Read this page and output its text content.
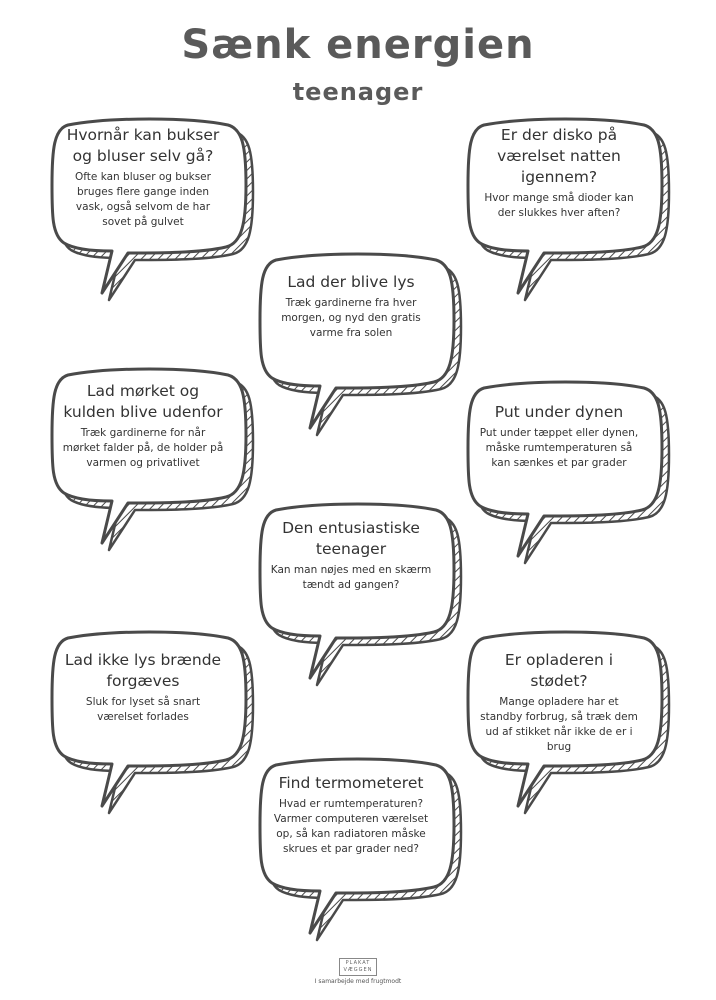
Sænk energien
teenager
Hvornår kan bukser og bluser selv gå?
Ofte kan bluser og bukser bruges flere gange inden vask, også selvom de har sovet på gulvet
Er der disko på værelset natten igennem?
Hvor mange små dioder kan der slukkes hver aften?
Lad der blive lys
Træk gardinerne fra hver morgen, og nyd den gratis varme fra solen
Lad mørket og kulden blive udenfor
Træk gardinerne for når mørket falder på, de holder på varmen og privatlivet
Put under dynen
Put under tæppet eller dynen, måske rumtemperaturen så kan sænkes et par grader
Den entusiastiske teenager
Kan man nøjes med en skærm tændt ad gangen?
Lad ikke lys brænde forgæves
Sluk for lyset så snart værelset forlades
Er opladeren i stødet?
Mange opladere har et standby forbrug, så træk dem ud af stikket når ikke de er i brug
Find termometeret
Hvad er rumtemperaturen? Varmer computeren værelset op, så kan radiatoren måske skrues et par grader ned?
PLAKAT
VÆGGEN
I samarbejde med frugtmodt
